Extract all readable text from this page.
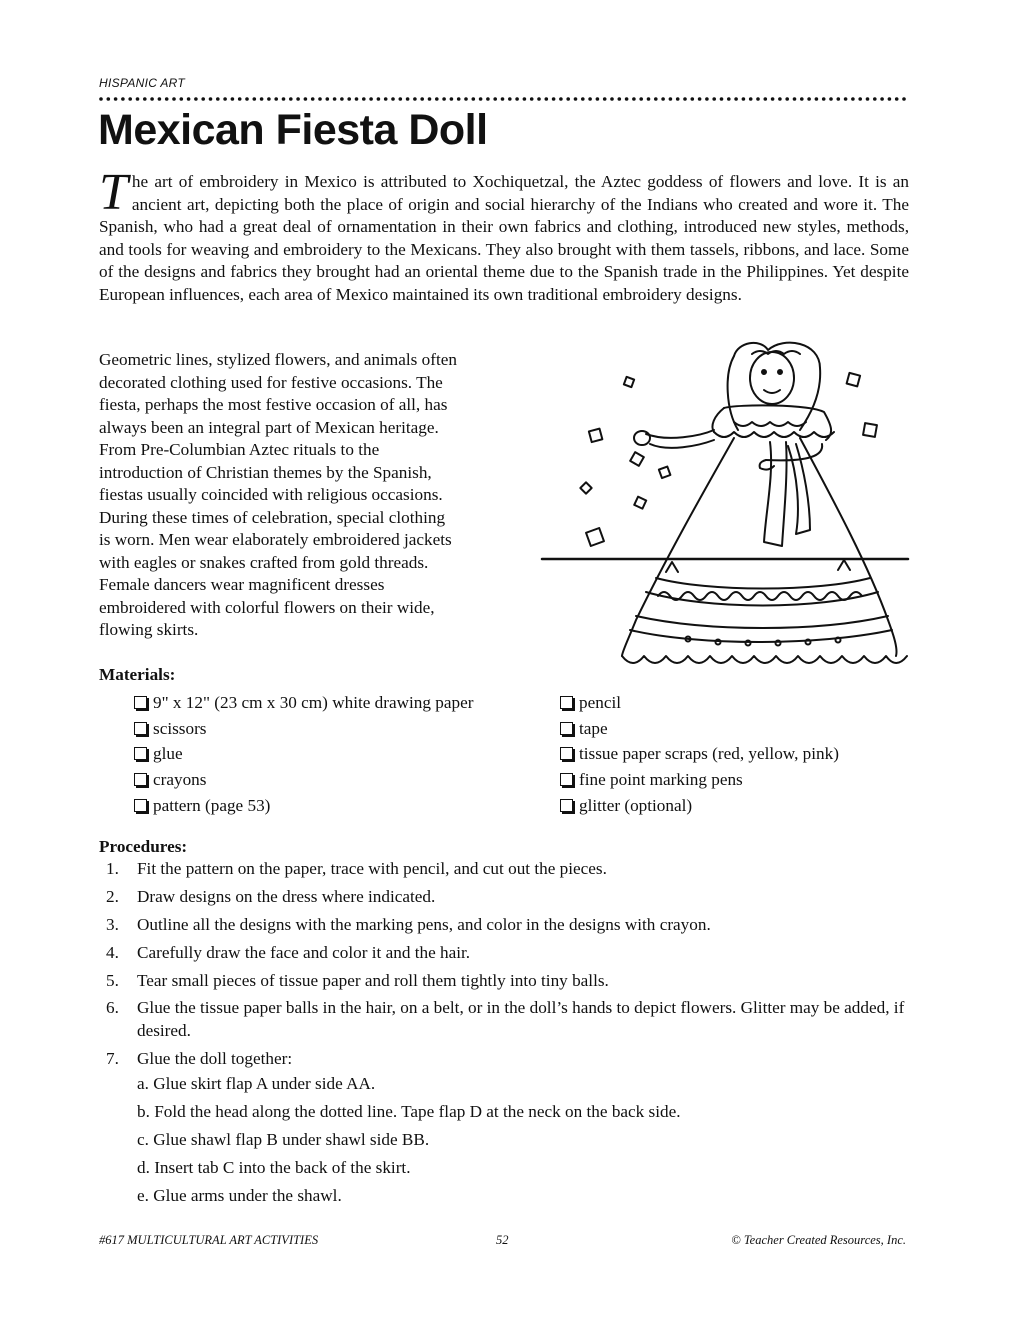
HISPANIC ART
Mexican Fiesta Doll

The art of embroidery in Mexico is attributed to Xochiquetzal, the Aztec goddess of flowers and love. It is an ancient art, depicting both the place of origin and social hierarchy of the Indians who created and wore it. The Spanish, who had a great deal of ornamentation in their own fabrics and clothing, introduced new styles, methods, and tools for weaving and embroidery to the Mexicans. They also brought with them tassels, ribbons, and lace. Some of the designs and fabrics they brought had an oriental theme due to the Spanish trade in the Philippines. Yet despite European influences, each area of Mexico maintained its own traditional embroidery designs.

Geometric lines, stylized flowers, and animals often
decorated clothing used for festive occasions. The
fiesta, perhaps the most festive occasion of all, has
always been an integral part of Mexican heritage.
From Pre-Columbian Aztec rituals to the
introduction of Christian themes by the Spanish,
fiestas usually coincided with religious occasions.
During these times of celebration, special clothing
is worn. Men wear elaborately embroidered jackets
with eagles or snakes crafted from gold threads.
Female dancers wear magnificent dresses
embroidered with colorful flowers on their wide,
flowing skirts.

Materials:
9" x 12" (23 cm x 30 cm) white drawing paper
scissors
glue
crayons
pattern (page 53)
pencil
tape
tissue paper scraps (red, yellow, pink)
fine point marking pens
glitter (optional)
Procedures:
1. Fit the pattern on the paper, trace with pencil, and cut out the pieces.
2. Draw designs on the dress where indicated.
3. Outline all the designs with the marking pens, and color in the designs with crayon.
4. Carefully draw the face and color it and the hair.
5. Tear small pieces of tissue paper and roll them tightly into tiny balls.
6. Glue the tissue paper balls in the hair, on a belt, or in the doll’s hands to depict flowers. Glitter may be added, if desired.
7. Glue the doll together:
a. Glue skirt flap A under side AA.
b. Fold the head along the dotted line. Tape flap D at the neck on the back side.
c. Glue shawl flap B under shawl side BB.
d. Insert tab C into the back of the skirt.
e. Glue arms under the shawl.
#617 MULTICULTURAL ART ACTIVITIES	52	© Teacher Created Resources, Inc.
